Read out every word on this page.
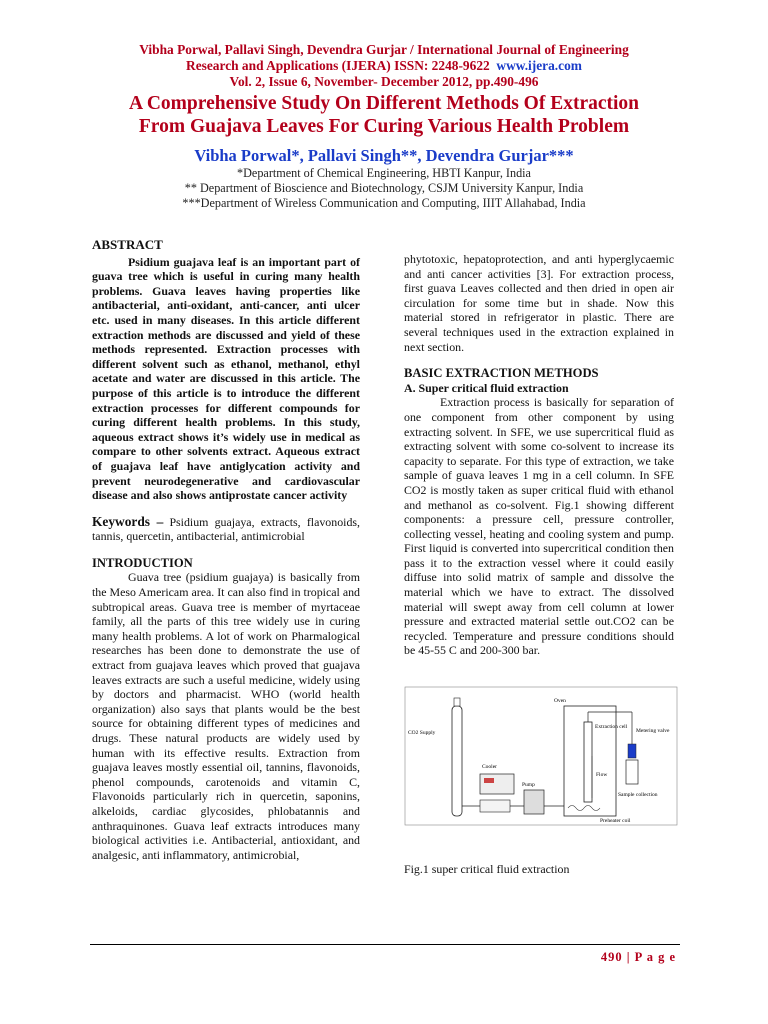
Vibha Porwal, Pallavi Singh, Devendra Gurjar / International Journal of Engineering
Research and Applications (IJERA) ISSN: 2248-9622 www.ijera.com
Vol. 2, Issue 6, November- December 2012, pp.490-496
A Comprehensive Study On Different Methods Of Extraction
From Guajava Leaves For Curing Various Health Problem
Vibha Porwal*, Pallavi Singh**, Devendra Gurjar***
*Department of Chemical Engineering, HBTI Kanpur, India
** Department of Bioscience and Biotechnology, CSJM University Kanpur, India
***Department of Wireless Communication and Computing, IIIT Allahabad, India

ABSTRACT

Psidium guajava leaf is an important part of guava tree which is useful in curing many health problems. Guava leaves having properties like antibacterial, anti-oxidant, anti-cancer, anti ulcer etc. used in many diseases. In this article different extraction methods are discussed and yield of these methods represented. Extraction processes with different solvent such as ethanol, methanol, ethyl acetate and water are discussed in this article. The purpose of this article is to introduce the different extraction processes for different compounds for curing different health problems. In this study, aqueous extract shows it’s widely use in medical as compare to other solvents extract. Aqueous extract of guajava leaf have antiglycation activity and prevent neurodegenerative and cardiovascular disease and also shows antiprostate cancer activity

Keywords – Psidium guajaya, extracts, flavonoids, tannis, quercetin, antibacterial, antimicrobial

INTRODUCTION

Guava tree (psidium guajaya) is basically from the Meso Americam area. It can also find in tropical and subtropical areas. Guava tree is member of myrtaceae family, all the parts of this tree widely use in curing many health problems. A lot of work on Pharmalogical researches has been done to demonstrate the use of extract from guajava leaves which proved that guajava leaves extracts are such a useful medicine, widely using by doctors and pharmacist. WHO (world health organization) also says that plants would be the best source for obtaining different types of medicines and drugs. These natural products are widely used by human with its effective results. Extraction from guajava leaves mostly essential oil, tannins, flavonoids, phenol compounds, carotenoids and vitamin C, Flavonoids particularly rich in quercetin, saponins, alkeloids, cardiac glycosides, phlobatannis and anthraquinones. Guava leaf extracts introduces many biological activities i.e. Antibacterial, antioxidant, and analgesic, anti inflammatory, antimicrobial,

phytotoxic, hepatoprotection, and anti hyperglycaemic and anti cancer activities [3]. For extraction process, first guava Leaves collected and then dried in open air circulation for some time but in shade. Now this material stored in refrigerator in plastic. There are several techniques used in the extraction explained in next section.

BASIC EXTRACTION METHODS

A. Super critical fluid extraction

Extraction process is basically for separation of one component from other component by using extracting solvent. In SFE, we use supercritical fluid as extracting solvent with some co-solvent to increase its capacity to separate. For this type of extraction, we take sample of guava leaves 1 mg in a cell column. In SFE CO2 is mostly taken as super critical fluid with ethanol and methanol as co-solvent. Fig.1 showing different components: a pressure cell, pressure controller, collecting vessel, heating and cooling system and pump. First liquid is converted into supercritical condition then pass it to the extraction vessel where it could easily diffuse into solid matrix of sample and dissolve the material which we have to extract. The dissolved material will swept away from cell column at lower pressure and extracted material settle out.CO2 can be recycled. Temperature and pressure conditions should be 45-55 C and 200-300 bar.

CO2 Supply
Cooler
Pump
Oven
Extraction cell
Flow
Preheater coil
Metering valve
Sample collection
Fig.1 super critical fluid extraction
490 | P a g e
